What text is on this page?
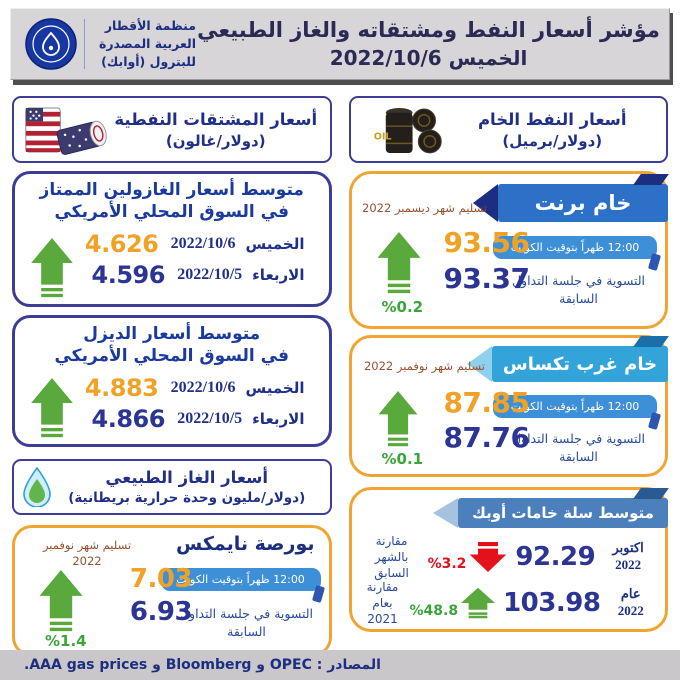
منظمة الأقطار
العربية المصدرة
للبترول (أوابك)
مؤشر أسعار النفط ومشتقاته والغاز الطبيعي
الخميس 2022/10/6
أسعار المشتقات النفطية
(دولار/غالون)
متوسط أسعار الغازولين الممتاز
في السوق المحلي الأمريكي
الخميس
2022/10/6
4.626
الاربعاء
2022/10/5
4.596
متوسط أسعار الديزل
في السوق المحلي الأمريكي
الخميس
2022/10/6
4.883
الاربعاء
2022/10/5
4.866
أسعار الغاز الطبيعي
(دولار/مليون وحدة حرارية بريطانية)
بورصة نايمكس
تسليم شهر نوفمبر 2022
12:00 ظهراً بتوقيت الكويت
التسوية في جلسة التداول السابقة
7.03
6.93
%1.4
أسعار النفط الخام
(دولار/برميل)
خام برنت
تسليم شهر ديسمبر 2022
12:00 ظهراً بتوقيت الكويت
التسوية في جلسة التداول السابقة
93.56
93.37
%0.2
خام غرب تكساس
تسليم شهر نوفمبر 2022
12:00 ظهراً بتوقيت الكويت
التسوية في جلسة التداول السابقة
87.85
87.76
%0.1
متوسط سلة خامات أوبك
اكتوبر 2022
92.29
%3.2
مقارنة
بالشهر السابق
عام 2022
103.98
%48.8
مقارنة
بعام 2021
المصادر : OPEC و Bloomberg و AAA gas prices.
